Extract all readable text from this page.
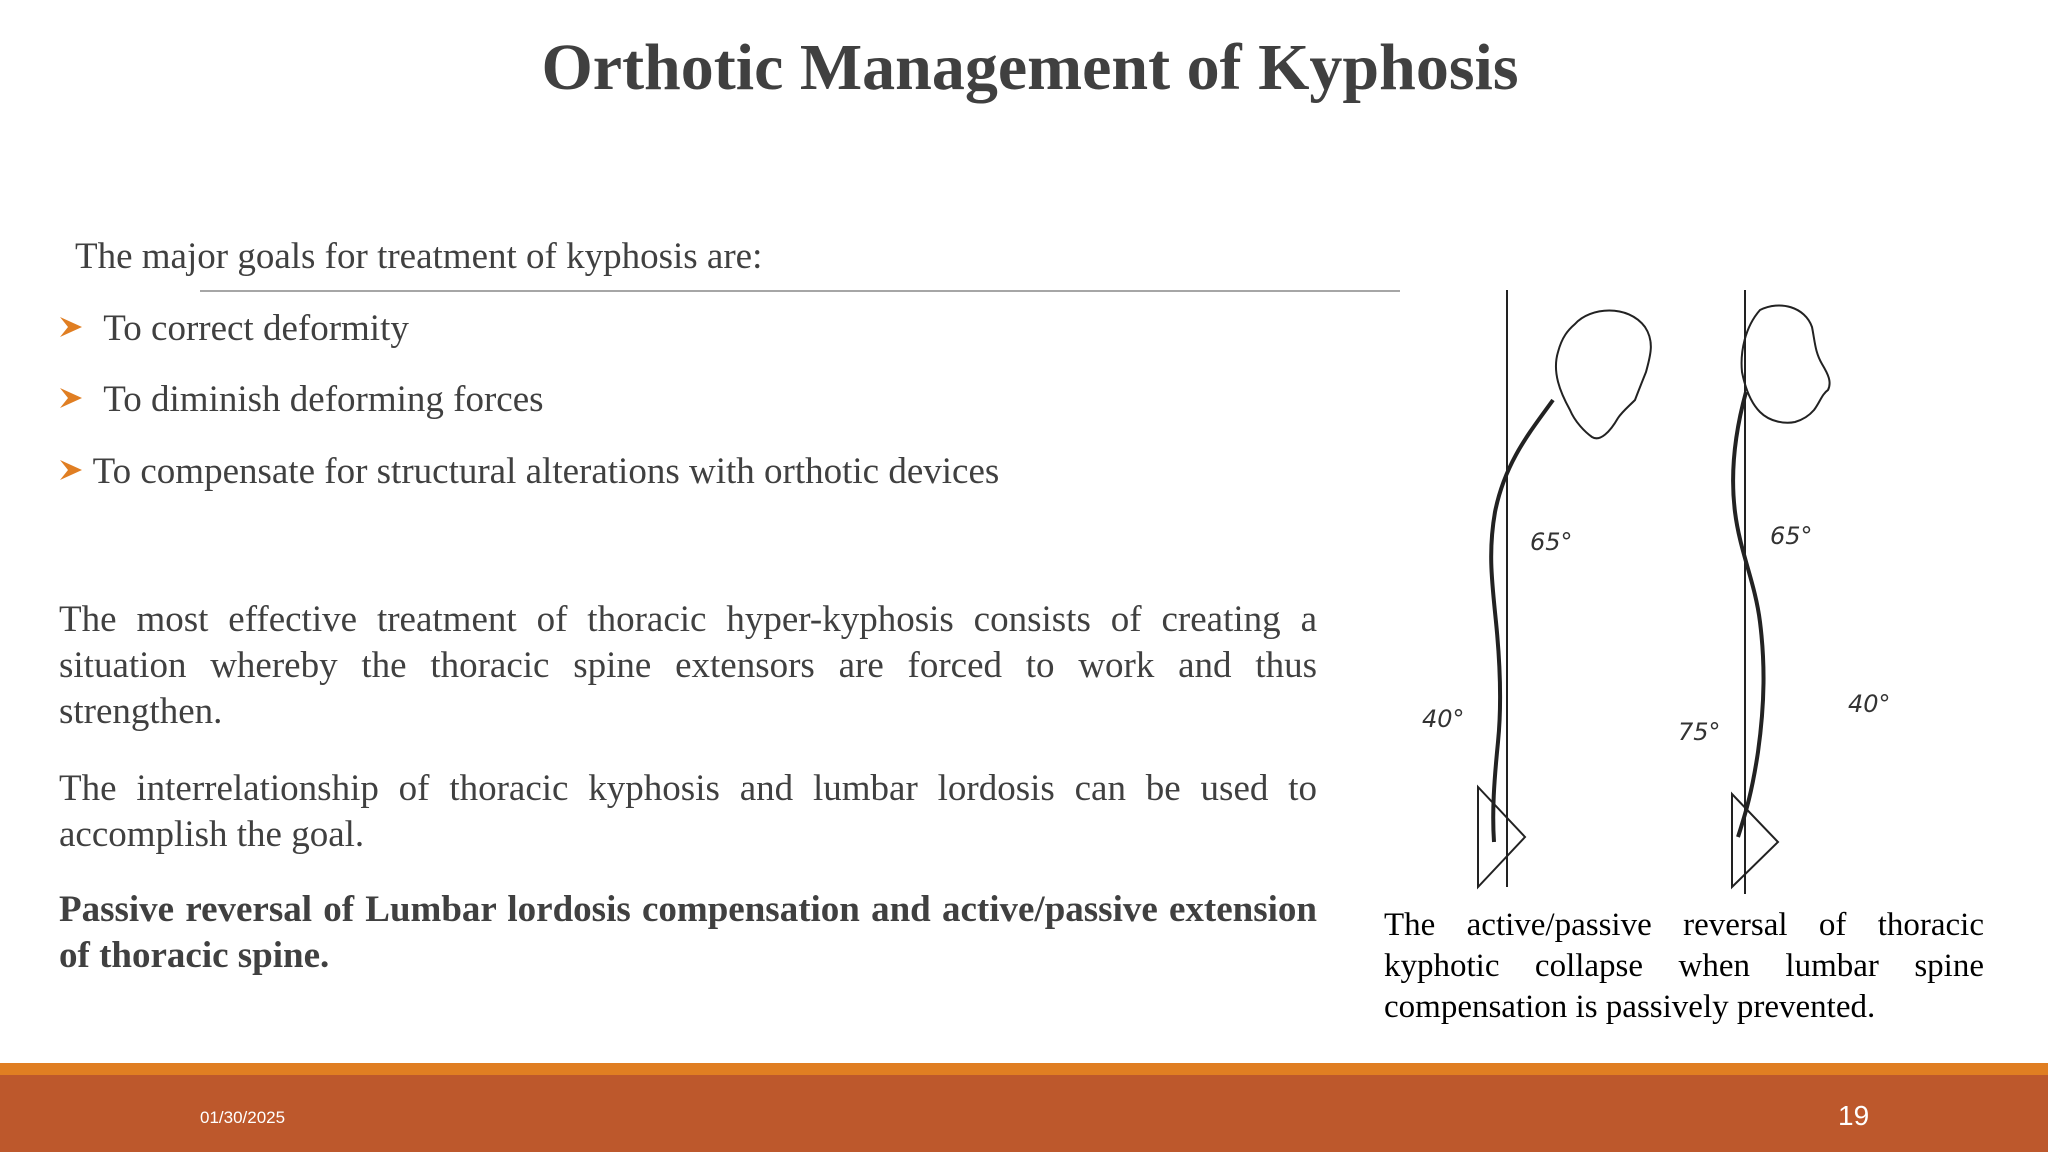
Orthotic Management of Kyphosis
The major goals for treatment of kyphosis are:
To correct deformity
To diminish deforming forces
To compensate for structural alterations with orthotic devices

The most effective treatment of thoracic hyper-kyphosis consists of creating a situation whereby the thoracic spine extensors are forced to work and thus strengthen.

The interrelationship of thoracic kyphosis and lumbar lordosis can be used to accomplish the goal.

Passive reversal of Lumbar lordosis compensation and active/passive extension of thoracic spine.

65°
40°
65°
75°
40°

The active/passive reversal of thoracic kyphotic collapse when lumbar spine compensation is passively prevented.

01/30/2025	19
